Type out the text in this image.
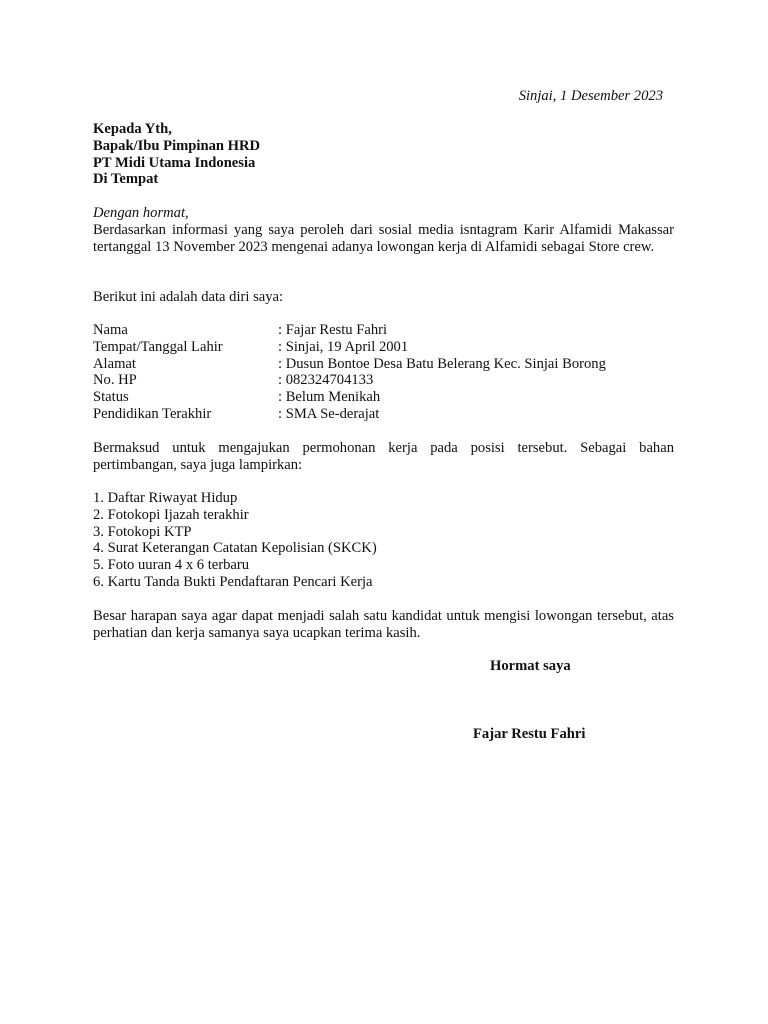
Sinjai, 1 Desember 2023
Kepada Yth,
Bapak/Ibu Pimpinan HRD
PT Midi Utama Indonesia
Di Tempat
Dengan hormat,
Berdasarkan informasi yang saya peroleh dari sosial media isntagram Karir Alfamidi Makassar tertanggal 13 November 2023 mengenai adanya lowongan kerja di Alfamidi sebagai Store crew.
Berikut ini adalah data diri saya:
Nama	: Fajar Restu Fahri
Tempat/Tanggal Lahir	: Sinjai, 19 April 2001
Alamat	: Dusun Bontoe Desa Batu Belerang Kec. Sinjai Borong
No. HP	: 082324704133
Status	: Belum Menikah
Pendidikan Terakhir	: SMA Se-derajat
Bermaksud untuk mengajukan permohonan kerja pada posisi tersebut. Sebagai bahan pertimbangan, saya juga lampirkan:
1. Daftar Riwayat Hidup
2. Fotokopi Ijazah terakhir
3. Fotokopi KTP
4. Surat Keterangan Catatan Kepolisian (SKCK)
5. Foto uuran 4 x 6 terbaru
6. Kartu Tanda Bukti Pendaftaran Pencari Kerja
Besar harapan saya agar dapat menjadi salah satu kandidat untuk mengisi lowongan tersebut, atas perhatian dan kerja samanya saya ucapkan terima kasih.
Hormat saya
Fajar Restu Fahri
